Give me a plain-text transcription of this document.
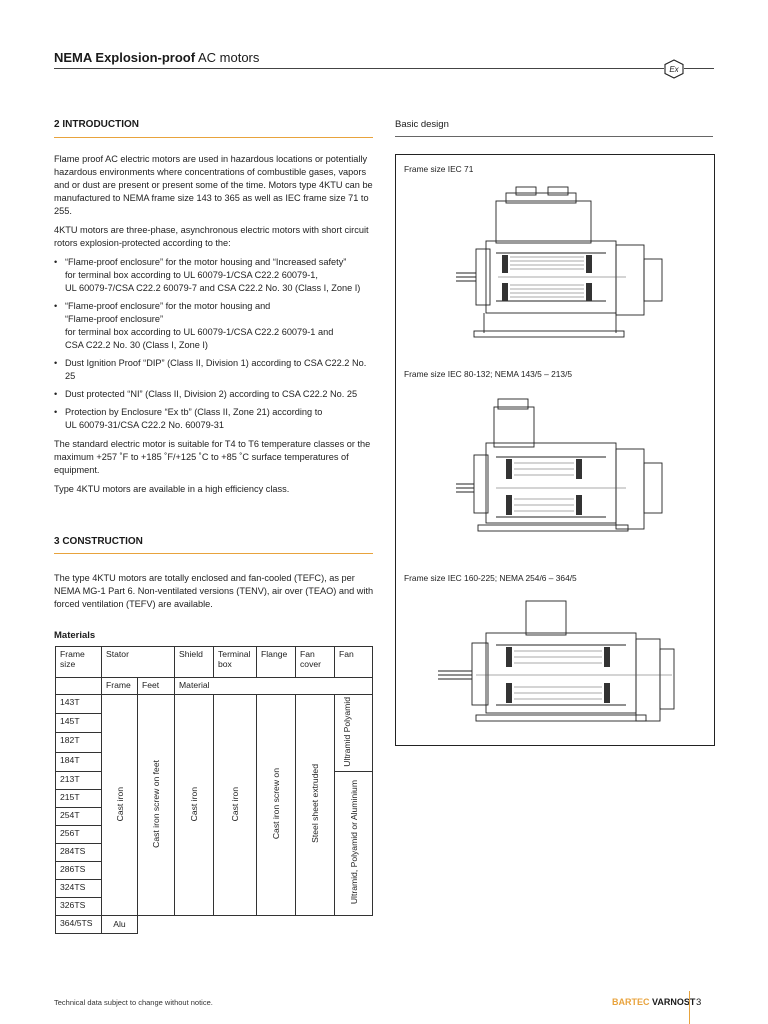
NEMA Explosion-proof AC motors
Ex
2 INTRODUCTION

Flame proof AC electric motors are used in hazardous locations or potentially hazardous environments where concentrations of combustible gases, vapors and or dust are present or present some of the time. Motors type 4KTU can be manufactured to NEMA frame size 143 to 365 as well as IEC frame size 71 to 255.

4KTU motors are three-phase, asynchronous electric motors with short circuit rotors explosion-protected according to the:

• “Flame-proof enclosure” for the motor housing and “Increased safety”
for terminal box according to UL 60079-1/CSA C22.2 60079-1,
UL 60079-7/CSA C22.2 60079-7 and CSA C22.2 No. 30 (Class I, Zone I)
• “Flame-proof enclosure” for the motor housing and
“Flame-proof enclosure”
for terminal box according to UL 60079-1/CSA C22.2 60079-1 and
CSA C22.2 No. 30 (Class I, Zone I)
• Dust Ignition Proof “DIP” (Class II, Division 1) according to CSA C22.2 No. 25
• Dust protected “NI” (Class II, Division 2) according to CSA C22.2 No. 25
• Protection by Enclosure “Ex tb” (Class II, Zone 21) according to
UL 60079-31/CSA C22.2 No. 60079-31

The standard electric motor is suitable for T4 to T6 temperature classes or the maximum +257 ˚F to +185 ˚F/+125 ˚C to +85 ˚C surface temperatures of equipment.

Type 4KTU motors are available in a high efficiency class.

3 CONSTRUCTION

The type 4KTU motors are totally enclosed and fan-cooled (TEFC), as per NEMA MG-1 Part 6. Non-ventilated versions (TENV), air over (TEAO) and with forced ventilation (TEFV) are available.

Materials
Frame size	Stator		Shield	Terminal box	Flange	Fan cover	Fan
	Frame	Feet	Material				
143T	Cast iron	Cast iron screw on feet	Cast iron	Cast iron	Cast iron screw on	Steel sheet extruded	Ultramid Polyamid
145T							
182T							
184T							
213T							Ultramid, Polyamid or Aluminium
215T							
254T							
256T							
284TS							
286TS							
324TS							
326TS							
364/5TS	Alu						
Basic design
Frame size IEC 71
Frame size IEC 80-132; NEMA 143/5 – 213/5
Frame size IEC 160-225; NEMA 254/6 – 364/5
Technical data subject to change without notice.	BARTEC VARNOST 3
